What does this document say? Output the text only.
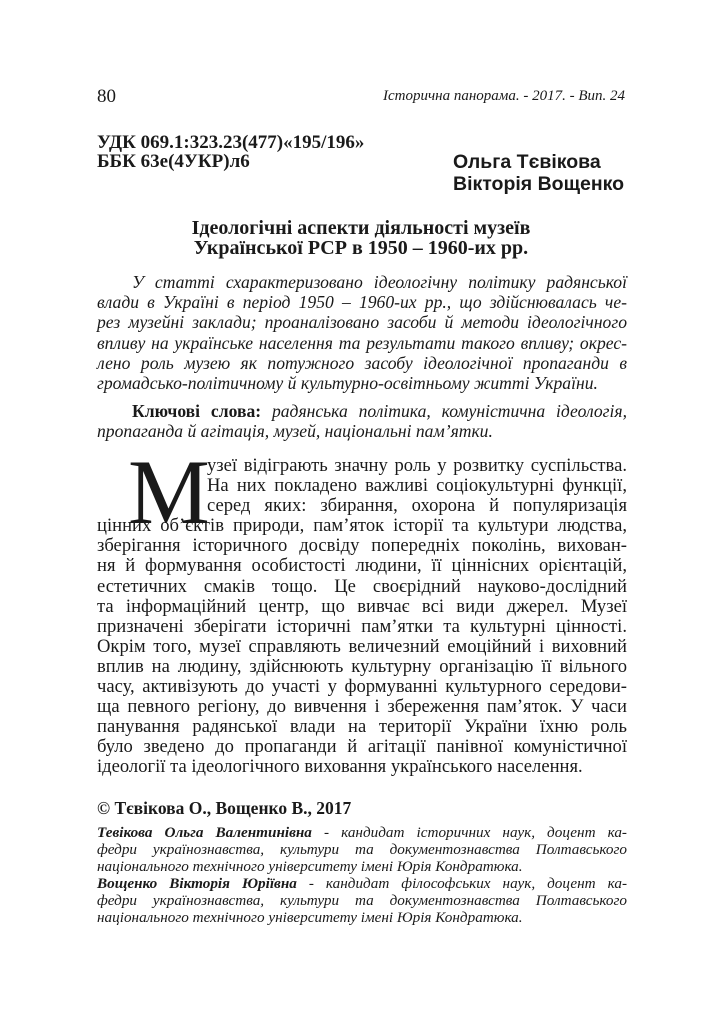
80	Історична панорама. - 2017. - Вип. 24
УДК 069.1:323.23(477)«195/196»
ББК 63е(4УКР)л6	Ольга Тєвікова
Вікторія Вощенко
Ідеологічні аспекти діяльності музеїв
Української РСР в 1950 – 1960-их рр.
У статті схарактеризовано ідеологічну політику радянської
влади в Україні в період 1950 – 1960-их рр., що здійснювалась че-
рез музейні заклади; проаналізовано засоби й методи ідеологічного
впливу на українське населення та результати такого впливу; окрес-
лено роль музею як потужного засобу ідеологічної пропаганди в
громадсько-політичному й культурно-освітньому житті України.
Ключові слова: радянська політика, комуністична ідеологія,
пропаганда й агітація, музей, національні пам’ятки.
М
узеї відіграють значну роль у розвитку суспільства.
На них покладено важливі соціокультурні функції,
серед яких: збирання, охорона й популяризація
цінних об’єктів природи, пам’яток історії та культури людства,
зберігання історичного досвіду попередніх поколінь, вихован-
ня й формування особистості людини, її ціннісних орієнтацій,
естетичних смаків тощо. Це своєрідний науково-дослідний
та інформаційний центр, що вивчає всі види джерел. Музеї
призначені зберігати історичні пам’ятки та культурні цінності.
Окрім того, музеї справляють величезний емоційний і виховний
вплив на людину, здійснюють культурну організацію її вільного
часу, активізують до участі у формуванні культурного середови-
ща певного регіону, до вивчення і збереження пам’яток. У часи
панування радянської влади на території України їхню роль
було зведено до пропаганди й агітації панівної комуністичної
ідеології та ідеологічного виховання українського населення.
© Тєвікова О., Вощенко В., 2017
Тевікова Ольга Валентинівна - кандидат історичних наук, доцент ка-
федри українознавства, культури та документознавства Полтавського
національного технічного університету імені Юрія Кондратюка.
Вощенко Вікторія Юріївна - кандидат філософських наук, доцент ка-
федри українознавства, культури та документознавства Полтавського
національного технічного університету імені Юрія Кондратюка.
